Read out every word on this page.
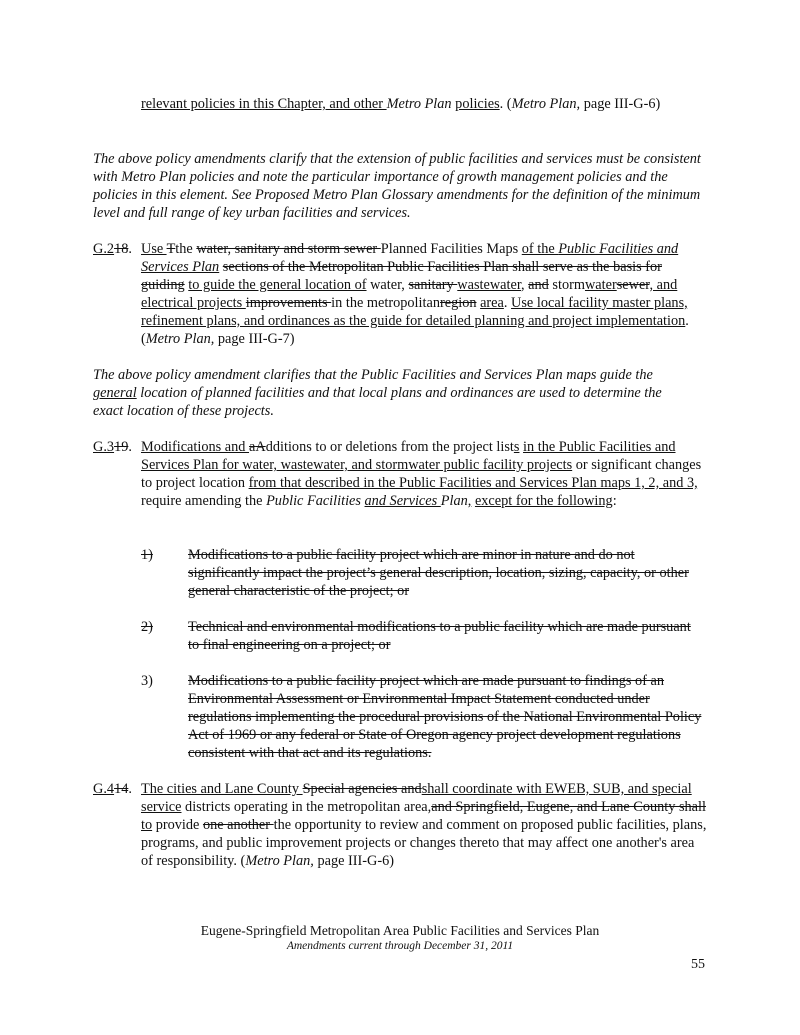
relevant policies in this Chapter, and other Metro Plan policies. (Metro Plan, page III-G-6)

The above policy amendments clarify that the extension of public facilities and services must be consistent with Metro Plan policies and note the particular importance of growth management policies and the policies in this element. See Proposed Metro Plan Glossary amendments for the definition of the minimum level and full range of key urban facilities and services.

G.218. Use Tthe water, sanitary and storm sewer Planned Facilities Maps of the Public Facilities and Services Plan sections of the Metropolitan Public Facilities Plan shall serve as the basis for guiding to guide the general location of water, sanitary wastewater, and stormwatersewer, and electrical projects improvements in the metropolitanregion area. Use local facility master plans, refinement plans, and ordinances as the guide for detailed planning and project implementation. (Metro Plan, page III-G-7)

The above policy amendment clarifies that the Public Facilities and Services Plan maps guide the general location of planned facilities and that local plans and ordinances are used to determine the exact location of these projects.

G.319. Modifications and aAdditions to or deletions from the project lists in the Public Facilities and Services Plan for water, wastewater, and stormwater public facility projects or significant changes to project location from that described in the Public Facilities and Services Plan maps 1, 2, and 3, require amending the Public Facilities and Services Plan, except for the following:

1) Modifications to a public facility project which are minor in nature and do not significantly impact the project’s general description, location, sizing, capacity, or other general characteristic of the project; or

2) Technical and environmental modifications to a public facility which are made pursuant to final engineering on a project; or

3) Modifications to a public facility project which are made pursuant to findings of an Environmental Assessment or Environmental Impact Statement conducted under regulations implementing the procedural provisions of the National Environmental Policy Act of 1969 or any federal or State of Oregon agency project development regulations consistent with that act and its regulations.

G.414. The cities and Lane County Special agencies andshall coordinate with EWEB, SUB, and special service districts operating in the metropolitan area,and Springfield, Eugene, and Lane County shall to provide one another the opportunity to review and comment on proposed public facilities, plans, programs, and public improvement projects or changes thereto that may affect one another's area of responsibility. (Metro Plan, page III-G-6)

Eugene-Springfield Metropolitan Area Public Facilities and Services Plan
Amendments current through December 31, 2011
55
